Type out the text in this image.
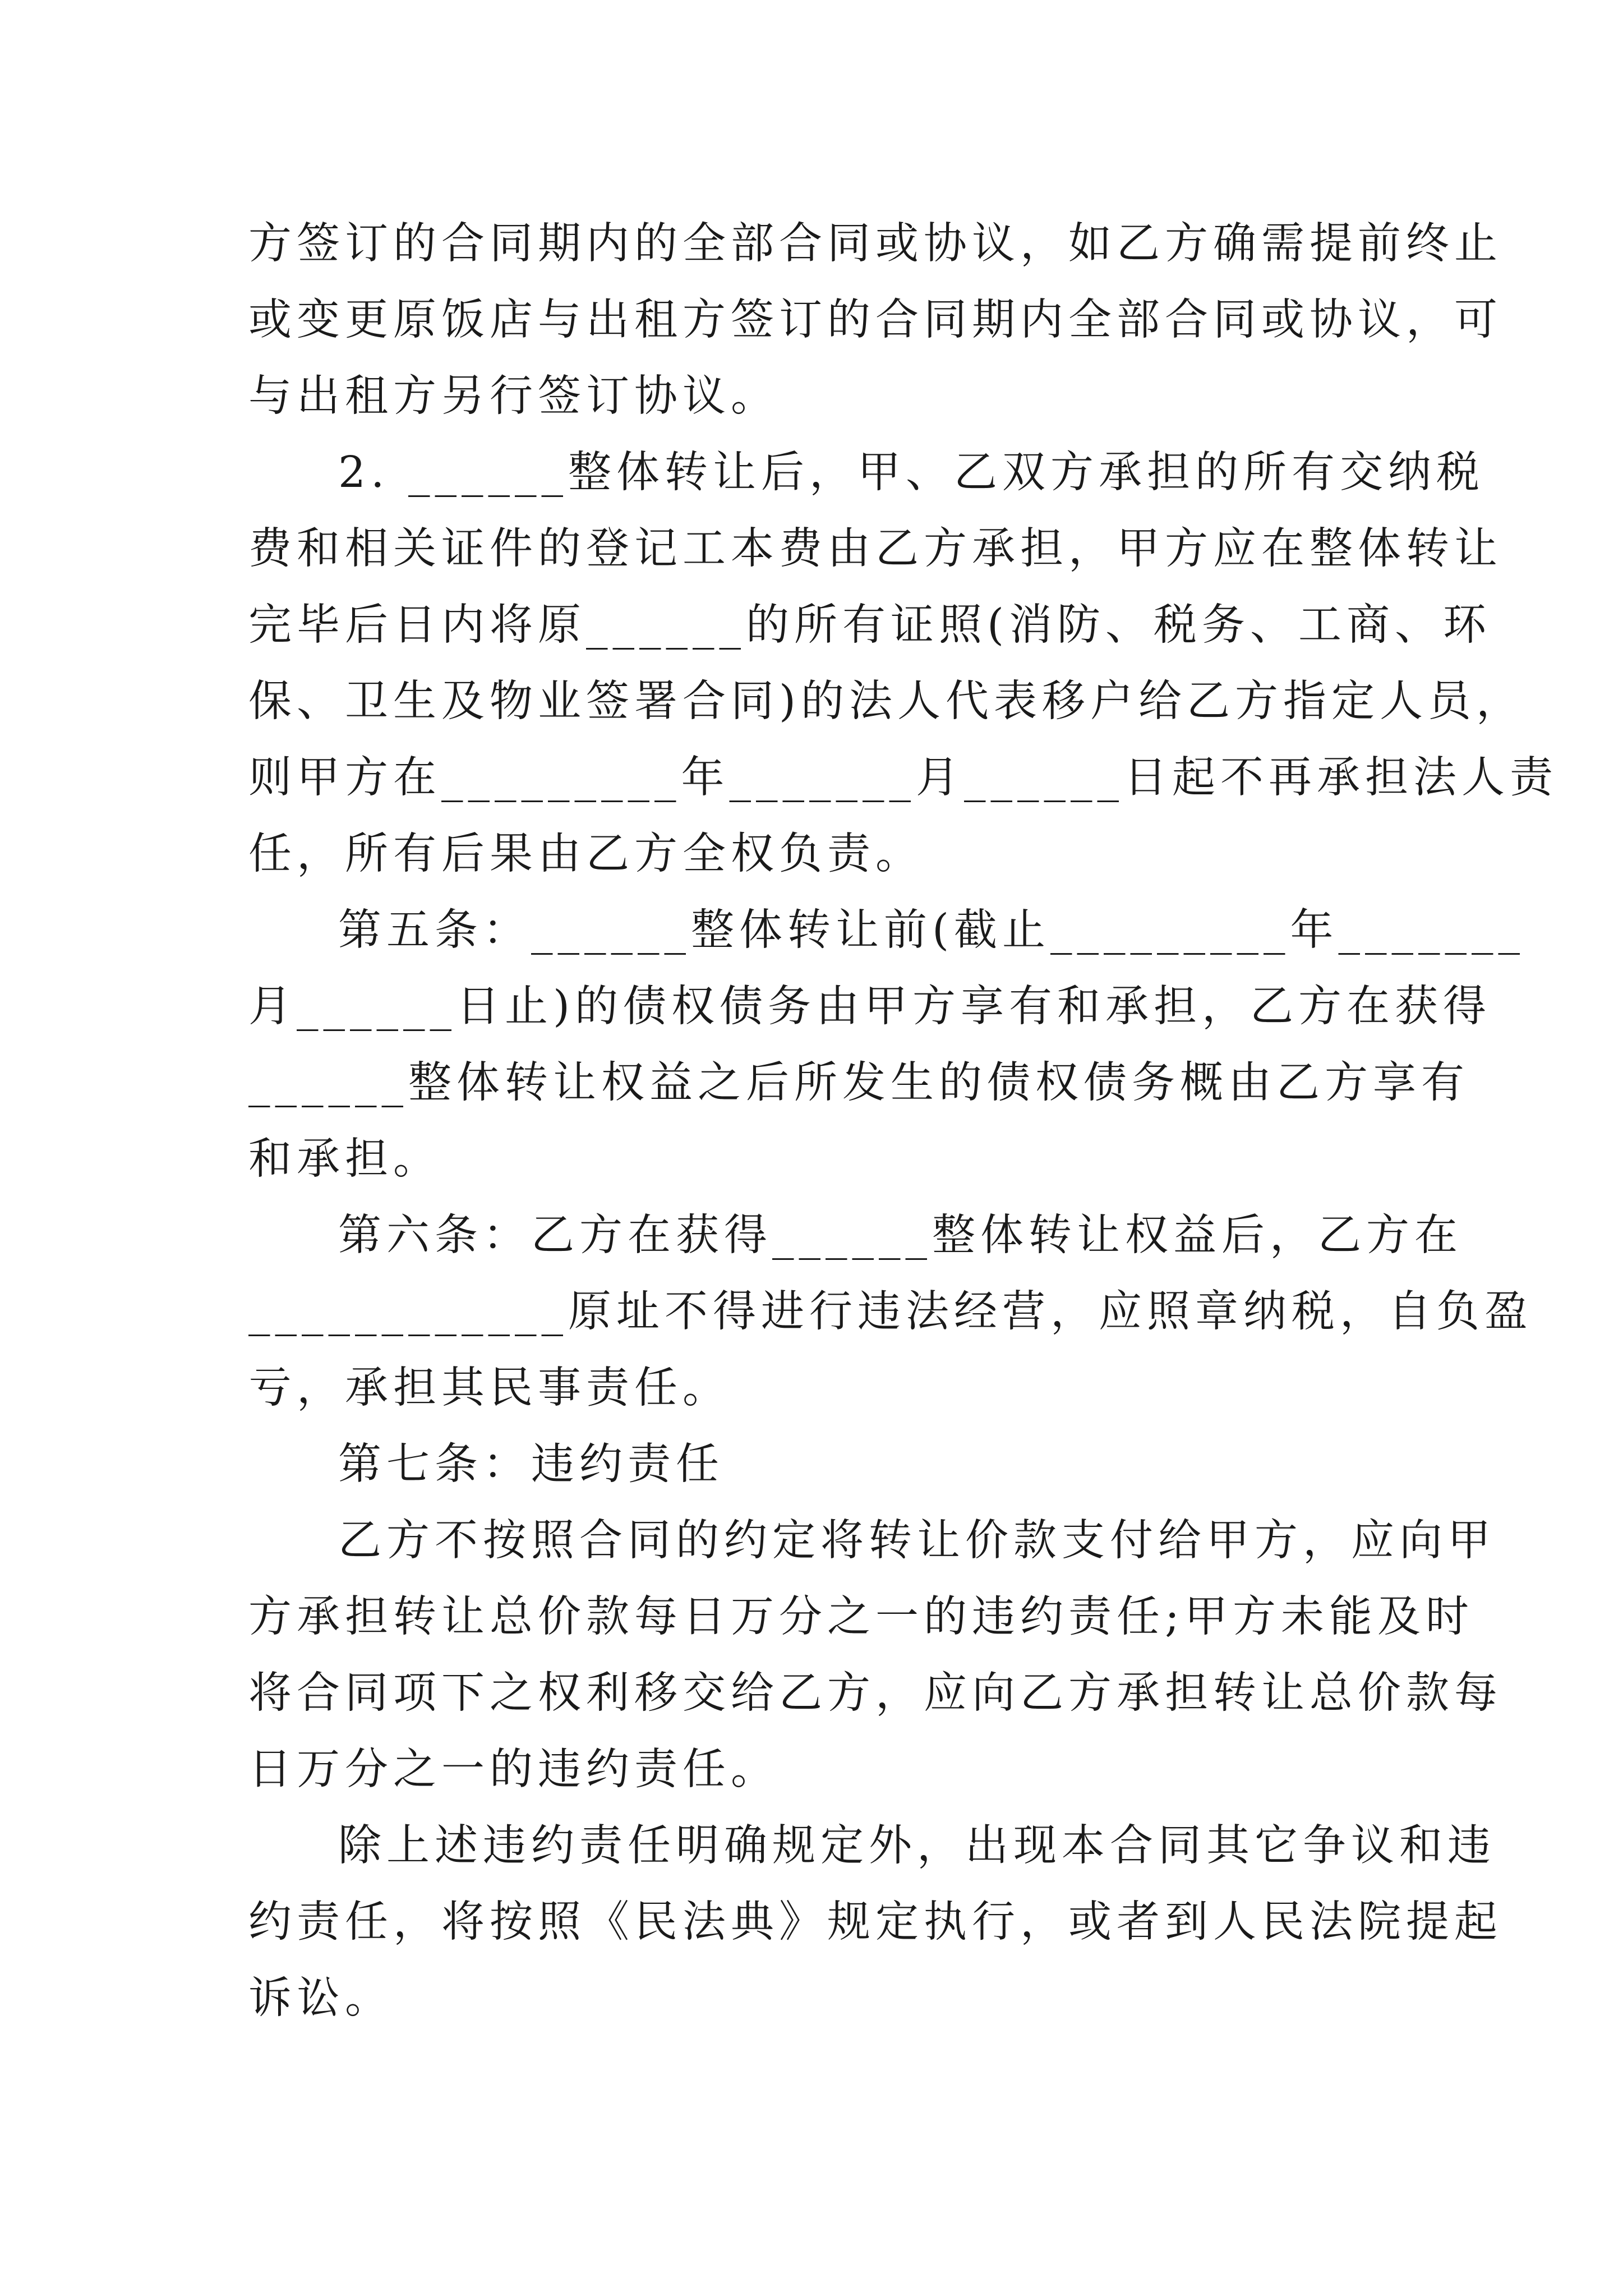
方签订的合同期内的全部合同或协议，如乙方确需提前终止
或变更原饭店与出租方签订的合同期内全部合同或协议，可
与出租方另行签订协议。
2. ______整体转让后，甲、乙双方承担的所有交纳税
费和相关证件的登记工本费由乙方承担，甲方应在整体转让
完毕后日内将原______的所有证照(消防、税务、工商、环
保、卫生及物业签署合同)的法人代表移户给乙方指定人员，
则甲方在_________年_______月______日起不再承担法人责
任，所有后果由乙方全权负责。
第五条：______整体转让前(截止_________年_______
月______日止)的债权债务由甲方享有和承担，乙方在获得
______整体转让权益之后所发生的债权债务概由乙方享有
和承担。
第六条：乙方在获得______整体转让权益后，乙方在
____________原址不得进行违法经营，应照章纳税，自负盈
亏，承担其民事责任。
第七条：违约责任
乙方不按照合同的约定将转让价款支付给甲方，应向甲
方承担转让总价款每日万分之一的违约责任;甲方未能及时
将合同项下之权利移交给乙方，应向乙方承担转让总价款每
日万分之一的违约责任。
除上述违约责任明确规定外，出现本合同其它争议和违
约责任，将按照《民法典》规定执行，或者到人民法院提起
诉讼。
